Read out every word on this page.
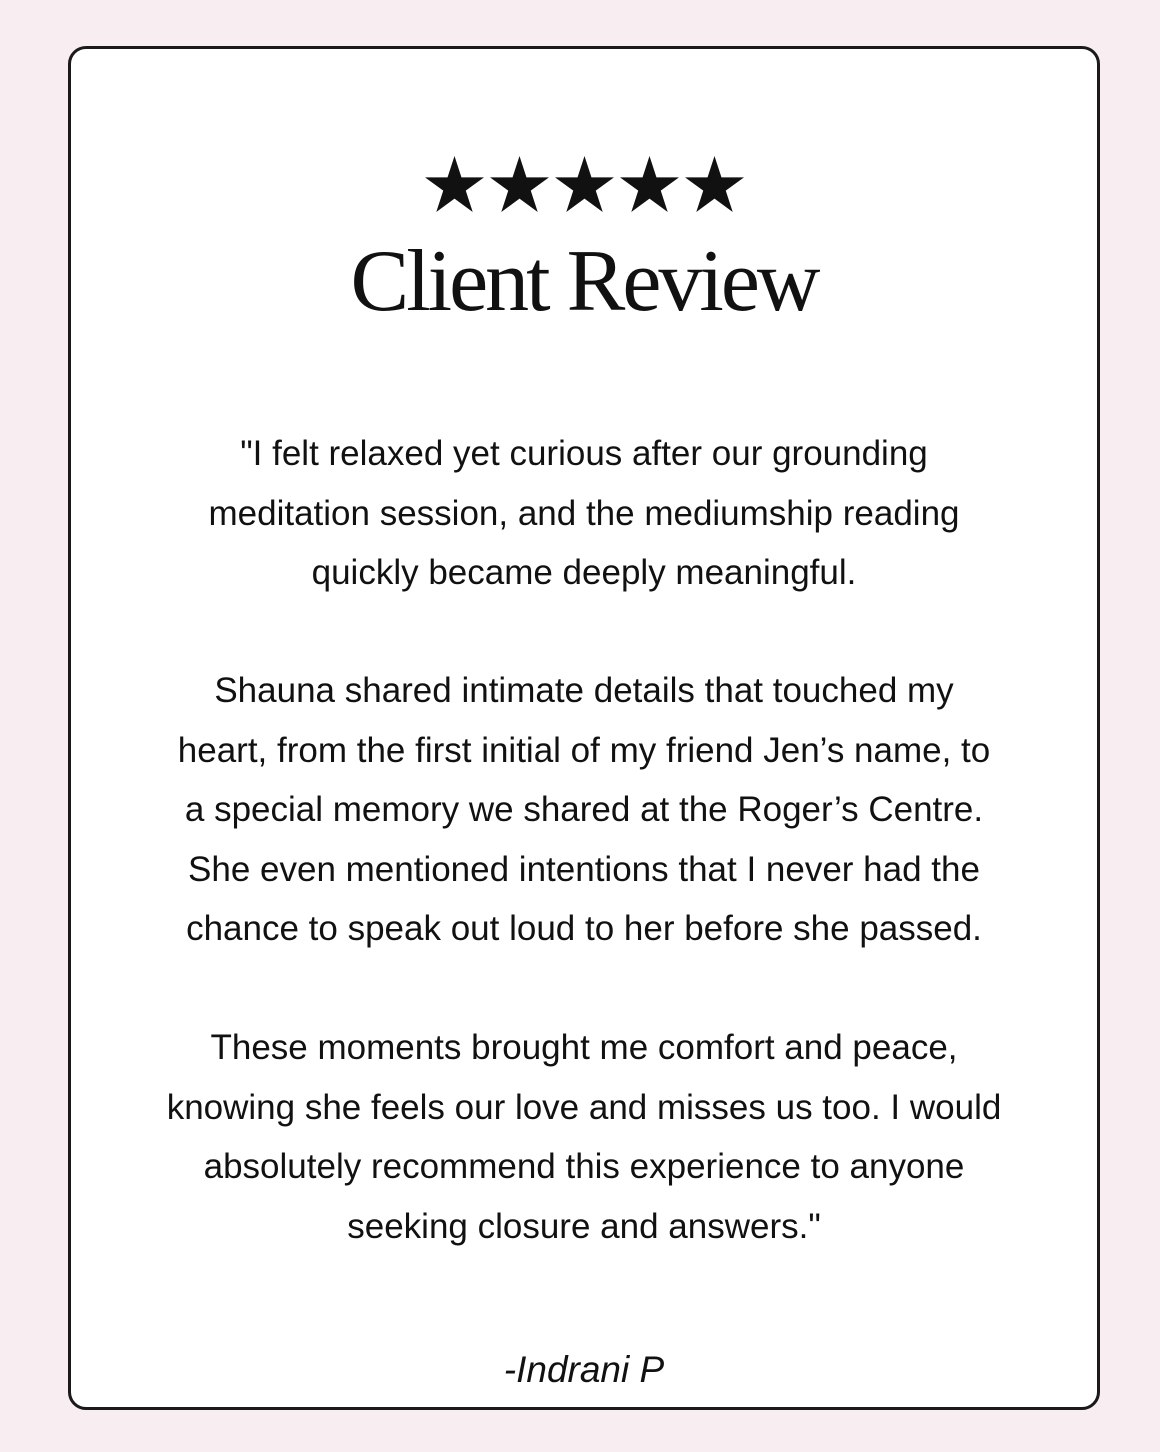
Client Review

"I felt relaxed yet curious after our grounding
meditation session, and the mediumship reading
quickly became deeply meaningful.

Shauna shared intimate details that touched my
heart, from the first initial of my friend Jen’s name, to
a special memory we shared at the Roger’s Centre.
She even mentioned intentions that I never had the
chance to speak out loud to her before she passed.

These moments brought me comfort and peace,
knowing she feels our love and misses us too. I would
absolutely recommend this experience to anyone
seeking closure and answers."

-Indrani P
